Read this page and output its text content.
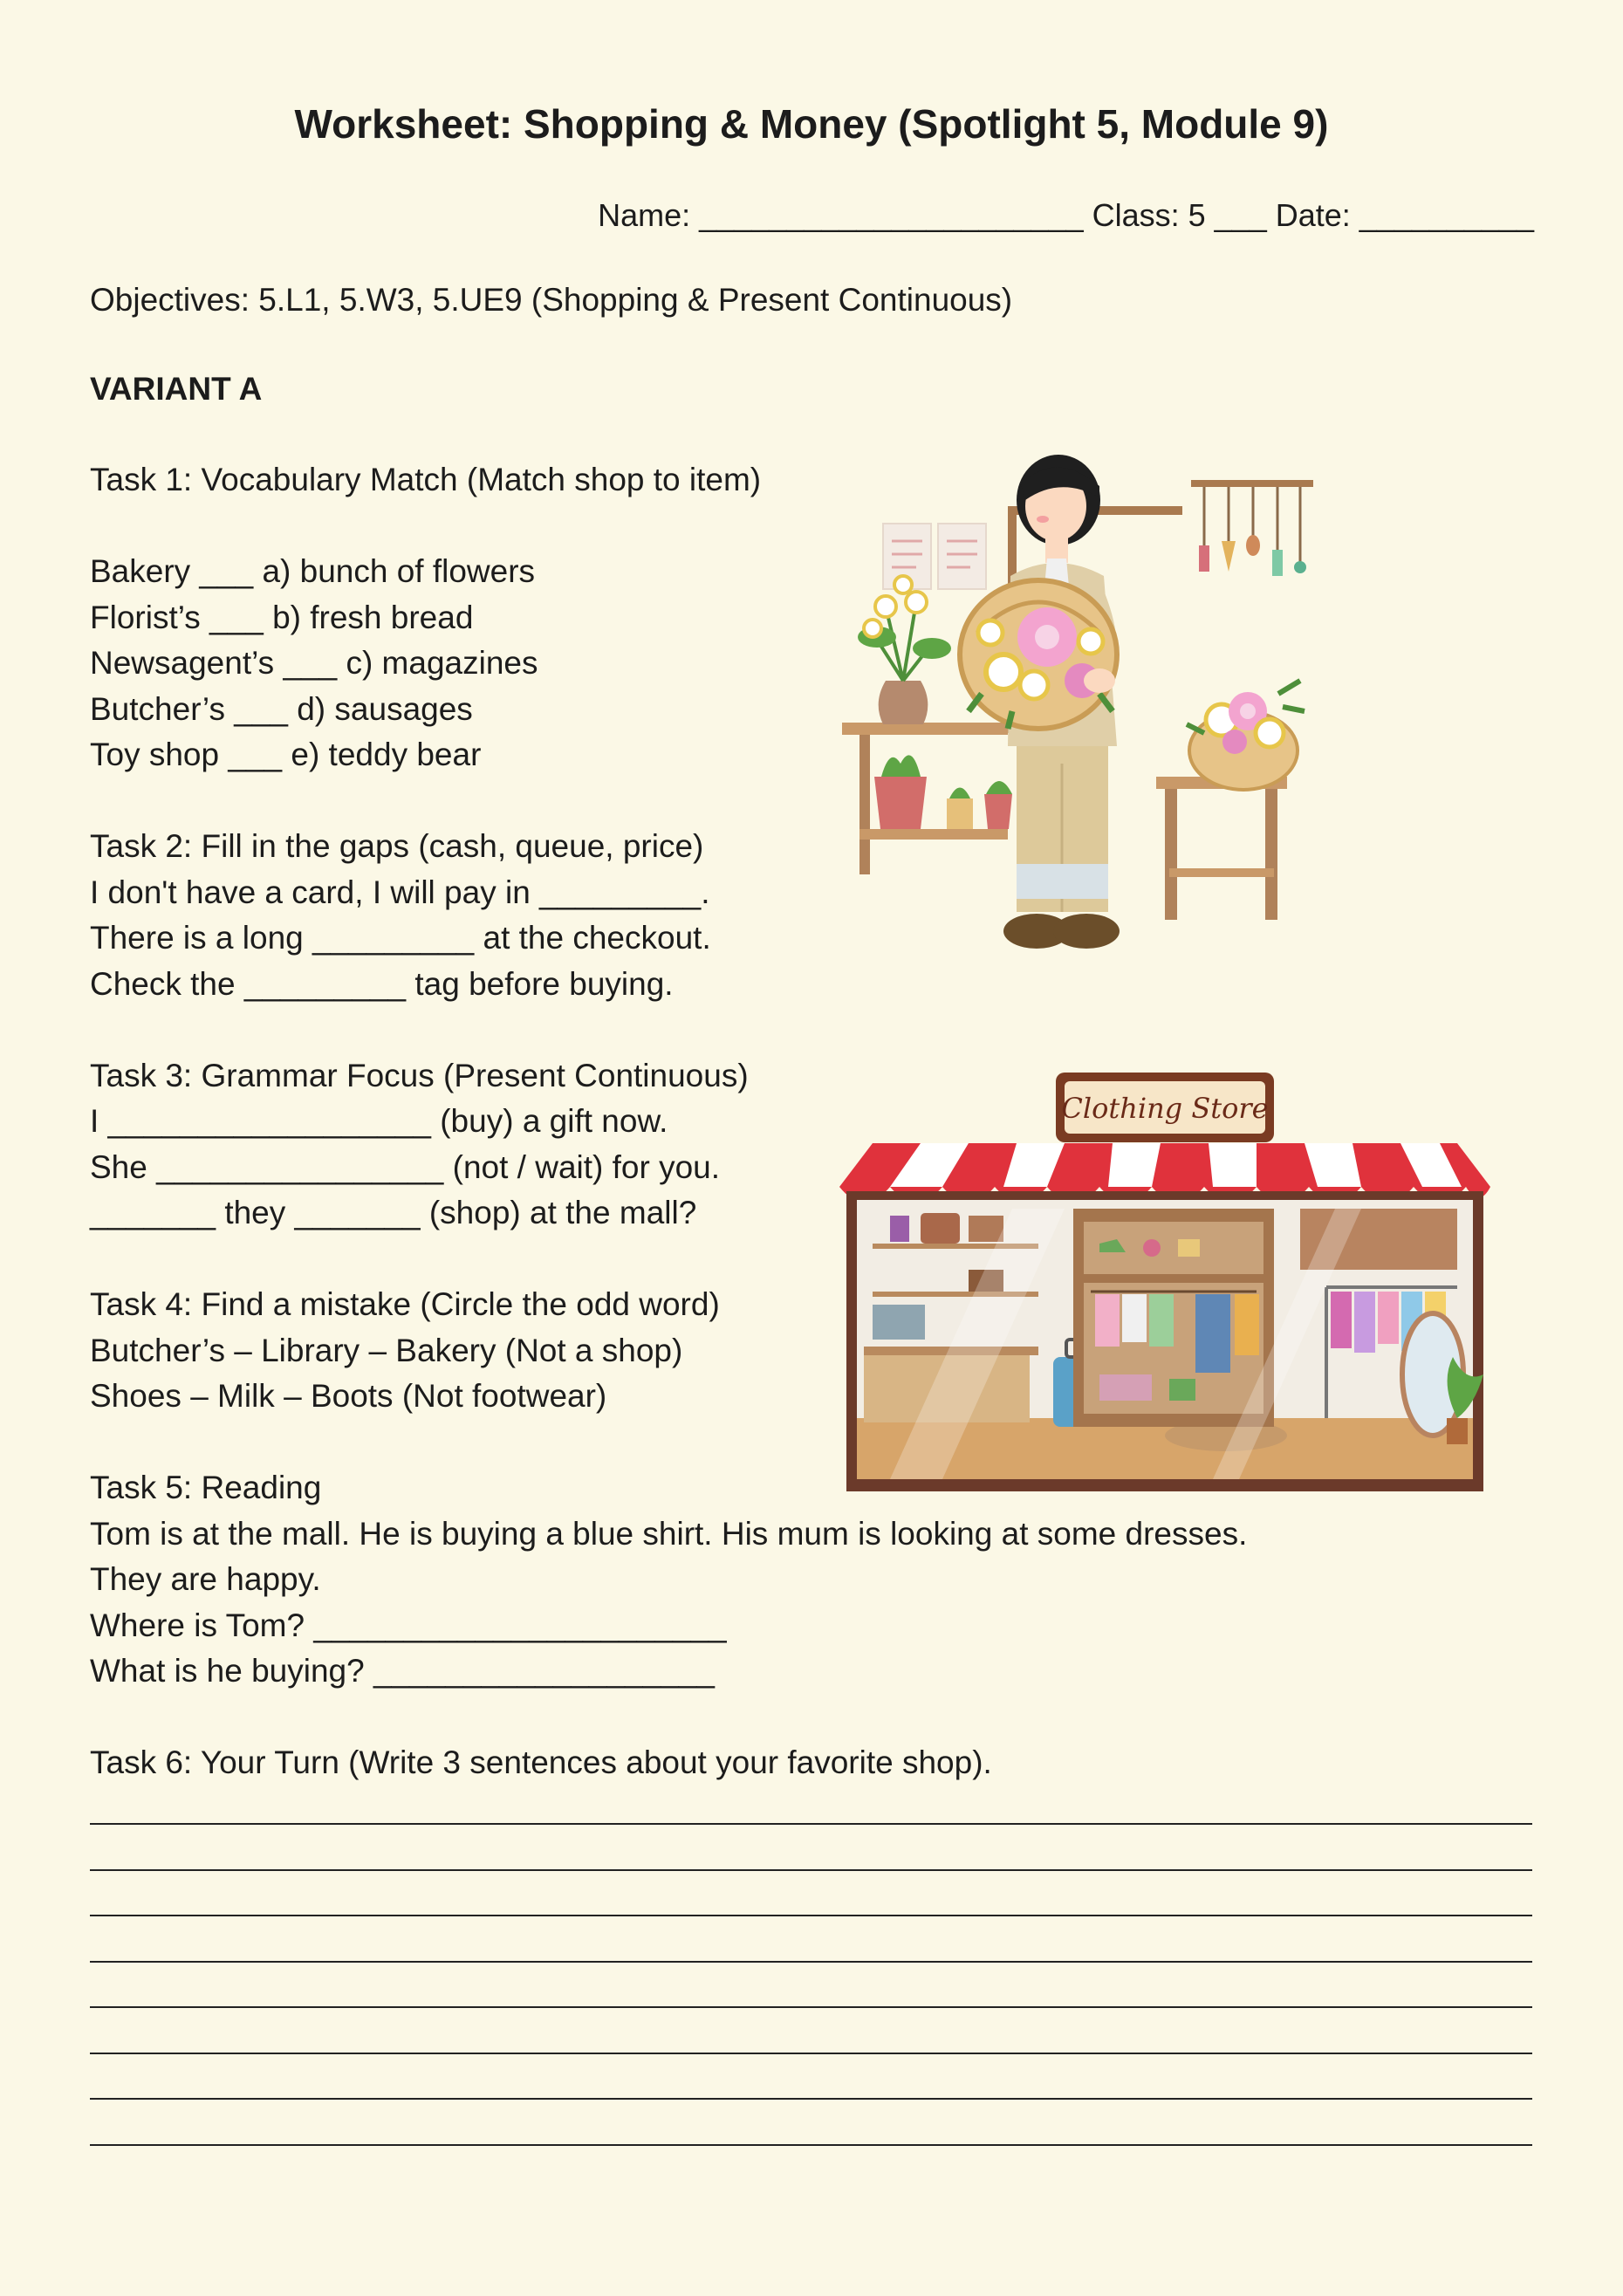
Worksheet: Shopping & Money (Spotlight 5, Module 9)
Name: ______________________ Class: 5 ___ Date: __________
Objectives: 5.L1, 5.W3, 5.UE9 (Shopping & Present Continuous)
VARIANT A
Task 1: Vocabulary Match (Match shop to item)
Bakery ___ a) bunch of flowers
Florist’s ___ b) fresh bread
Newsagent’s ___ c) magazines
Butcher’s ___ d) sausages
Toy shop ___ e) teddy bear
Task 2: Fill in the gaps (cash, queue, price)
I don't have a card, I will pay in _________.
There is a long _________ at the checkout.
Check the _________ tag before buying.
Task 3: Grammar Focus (Present Continuous)
I __________________ (buy) a gift now.
She ________________ (not / wait) for you.
_______ they _______ (shop) at the mall?
Task 4: Find a mistake (Circle the odd word)
Butcher’s – Library – Bakery (Not a shop)
Shoes – Milk – Boots (Not footwear)
Task 5: Reading
Tom is at the mall. He is buying a blue shirt. His mum is looking at some dresses.
They are happy.
Where is Tom? _______________________
What is he buying? ___________________
Task 6: Your Turn (Write 3 sentences about your favorite shop).
Clothing Store
